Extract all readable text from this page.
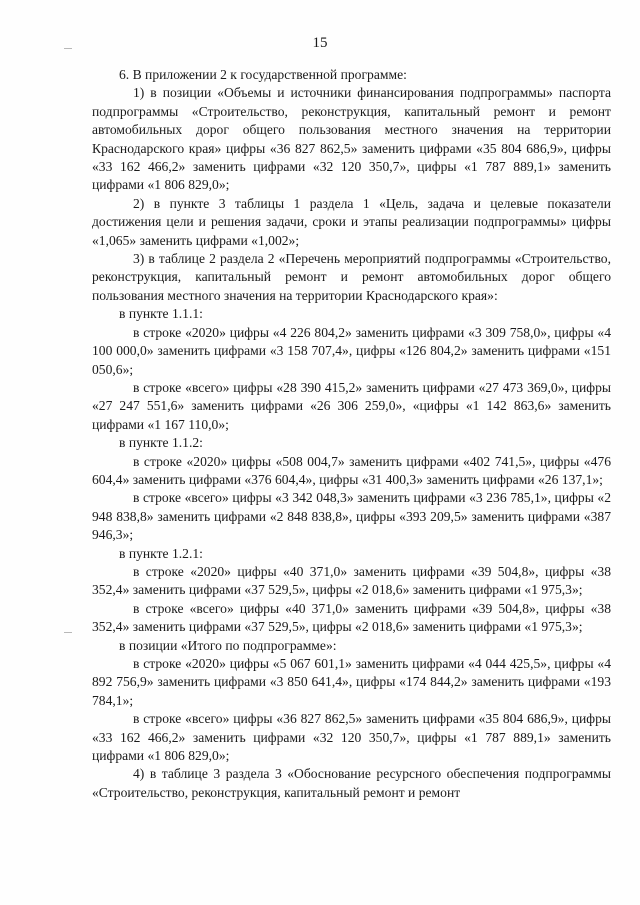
15

6. В приложении 2 к государственной программе:

1) в позиции «Объемы и источники финансирования подпрограммы» паспорта подпрограммы «Строительство, реконструкция, капитальный ремонт и ремонт автомобильных дорог общего пользования местного значения на территории Краснодарского края» цифры «36 827 862,5» заменить цифрами «35 804 686,9», цифры «33 162 466,2» заменить цифрами «32 120 350,7», цифры «1 787 889,1» заменить цифрами «1 806 829,0»;

2) в пункте 3 таблицы 1 раздела 1 «Цель, задача и целевые показатели достижения цели и решения задачи, сроки и этапы реализации подпрограммы» цифры «1,065» заменить цифрами «1,002»;

3) в таблице 2 раздела 2 «Перечень мероприятий подпрограммы «Строительство, реконструкция, капитальный ремонт и ремонт автомобильных дорог общего пользования местного значения на территории Краснодарского края»:

в пункте 1.1.1:

в строке «2020» цифры «4 226 804,2» заменить цифрами «3 309 758,0», цифры «4 100 000,0» заменить цифрами «3 158 707,4», цифры «126 804,2» заменить цифрами «151 050,6»;

в строке «всего» цифры «28 390 415,2» заменить цифрами «27 473 369,0», цифры «27 247 551,6» заменить цифрами «26 306 259,0», «цифры «1 142 863,6» заменить цифрами «1 167 110,0»;

в пункте 1.1.2:

в строке «2020» цифры «508 004,7» заменить цифрами «402 741,5», цифры «476 604,4» заменить цифрами «376 604,4», цифры «31 400,3» заменить цифрами «26 137,1»;

в строке «всего» цифры «3 342 048,3» заменить цифрами «3 236 785,1», цифры «2 948 838,8» заменить цифрами «2 848 838,8», цифры «393 209,5» заменить цифрами «387 946,3»;

в пункте 1.2.1:

в строке «2020» цифры «40 371,0» заменить цифрами «39 504,8», цифры «38 352,4» заменить цифрами «37 529,5», цифры «2 018,6» заменить цифрами «1 975,3»;

в строке «всего» цифры «40 371,0» заменить цифрами «39 504,8», цифры «38 352,4» заменить цифрами «37 529,5», цифры «2 018,6» заменить цифрами «1 975,3»;

в позиции «Итого по подпрограмме»:

в строке «2020» цифры «5 067 601,1» заменить цифрами «4 044 425,5», цифры «4 892 756,9» заменить цифрами «3 850 641,4», цифры «174 844,2» заменить цифрами «193 784,1»;

в строке «всего» цифры «36 827 862,5» заменить цифрами «35 804 686,9», цифры «33 162 466,2» заменить цифрами «32 120 350,7», цифры «1 787 889,1» заменить цифрами «1 806 829,0»;

4) в таблице 3 раздела 3 «Обоснование ресурсного обеспечения подпрограммы «Строительство, реконструкция, капитальный ремонт и ремонт
